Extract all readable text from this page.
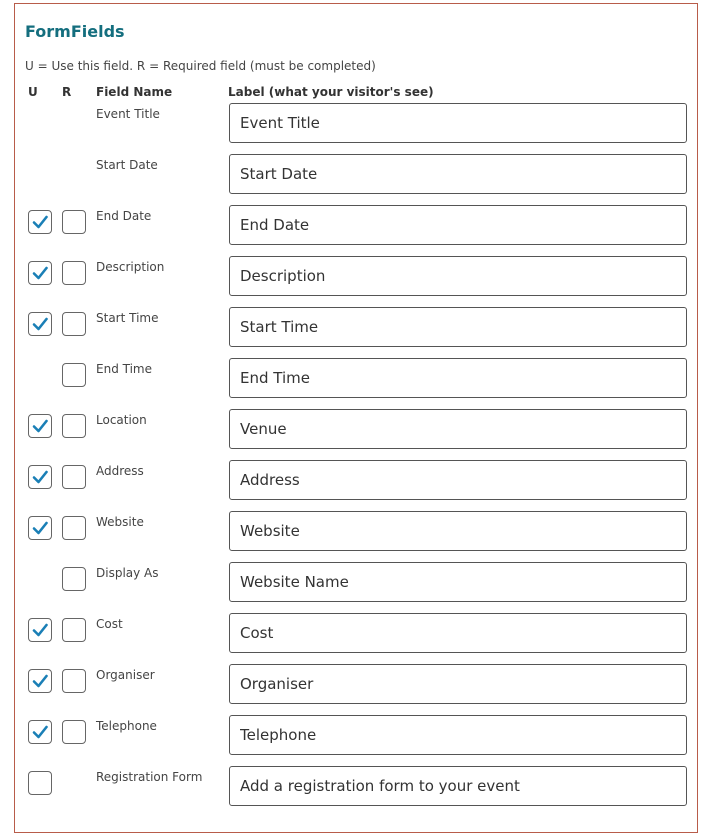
FormFields
U = Use this field. R = Required field (must be completed)
U R Field Name	Label (what your visitor's see)
Event Title
Event Title
Start Date
Start Date
End Date
End Date
Description
Description
Start Time
Start Time
End Time
End Time
Location
Venue
Address
Address
Website
Website
Display As
Website Name
Cost
Cost
Organiser
Organiser
Telephone
Telephone
Registration Form
Add a registration form to your event
